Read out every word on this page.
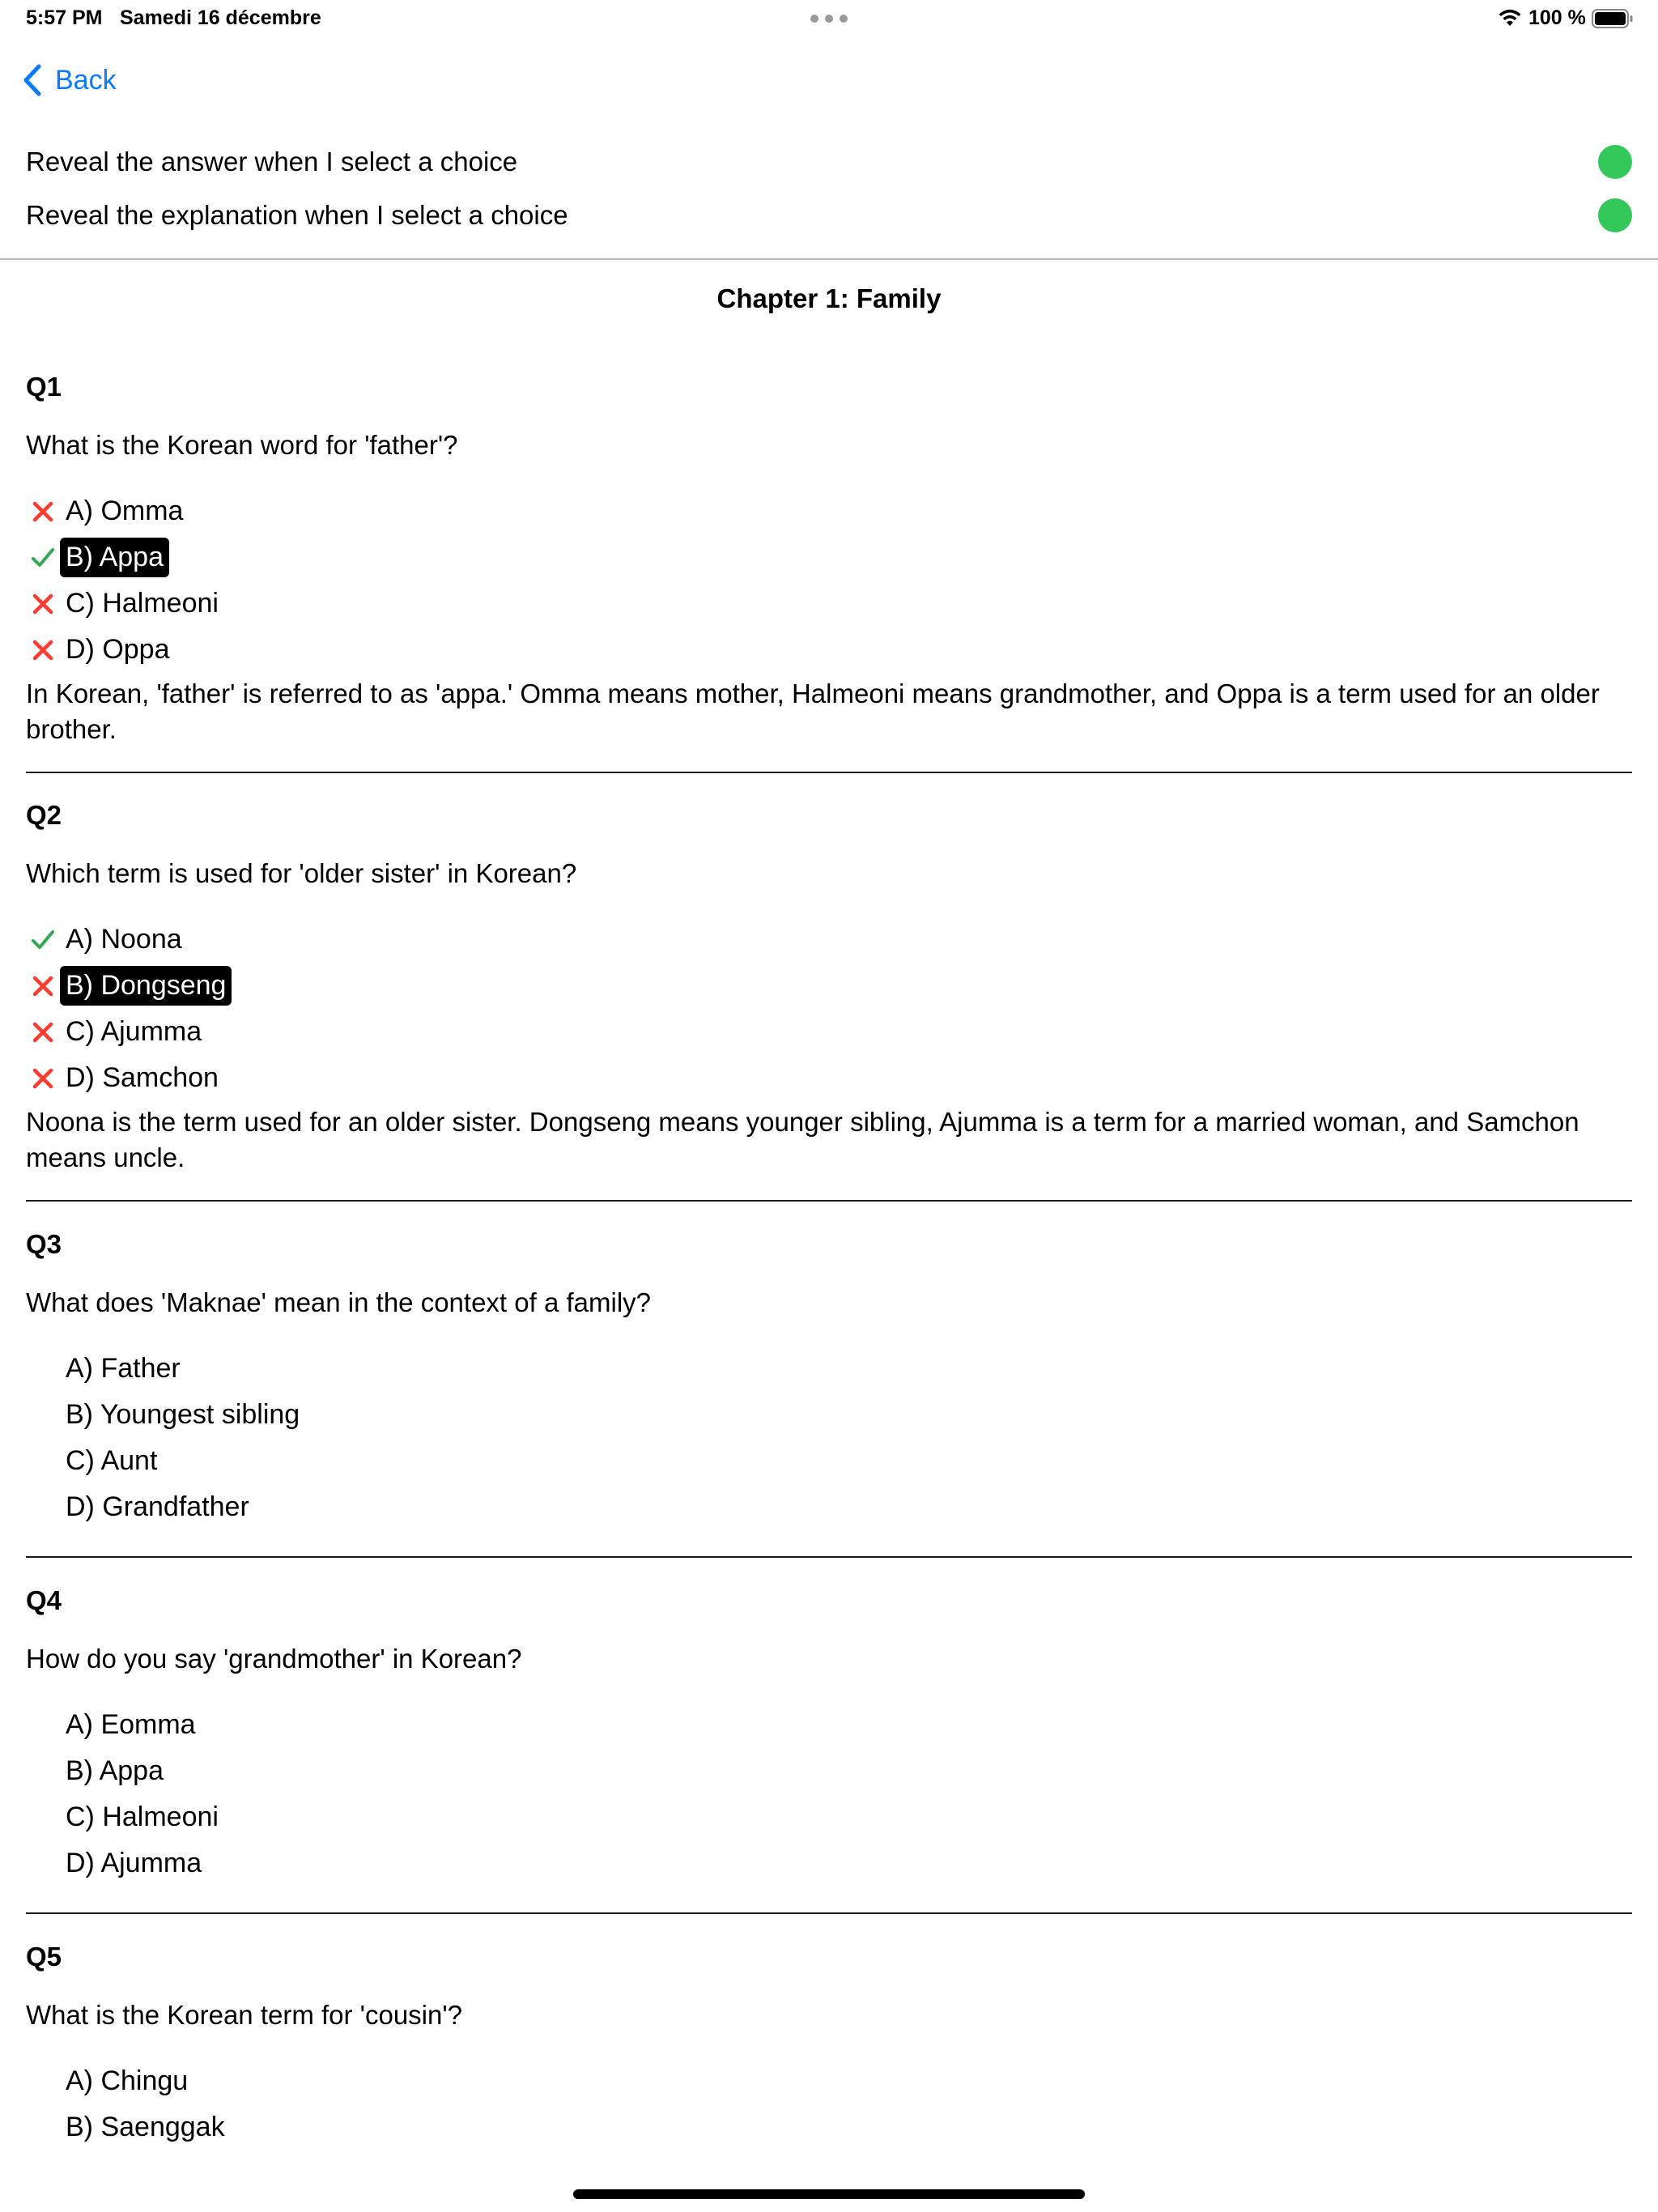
5:57 PM Samedi 16 décembre	100 %
Back
Reveal the answer when I select a choice
Reveal the explanation when I select a choice
Chapter 1: Family
Q1
What is the Korean word for 'father'?
A) Omma
B) Appa
C) Halmeoni
D) Oppa
In Korean, 'father' is referred to as 'appa.' Omma means mother, Halmeoni means grandmother, and Oppa is a term used for an older brother.
Q2
Which term is used for 'older sister' in Korean?
A) Noona
B) Dongseng
C) Ajumma
D) Samchon
Noona is the term used for an older sister. Dongseng means younger sibling, Ajumma is a term for a married woman, and Samchon means uncle.
Q3
What does 'Maknae' mean in the context of a family?
A) Father
B) Youngest sibling
C) Aunt
D) Grandfather
Q4
How do you say 'grandmother' in Korean?
A) Eomma
B) Appa
C) Halmeoni
D) Ajumma
Q5
What is the Korean term for 'cousin'?
A) Chingu
B) Saenggak
